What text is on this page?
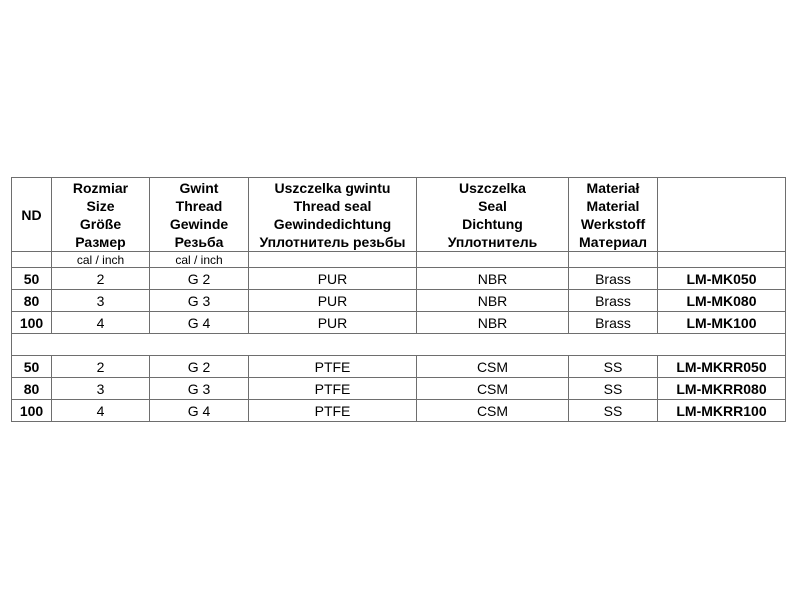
ND	Rozmiar
Size
Größe
Размер	Gwint
Thread
Gewinde
Резьба	Uszczelka gwintu
Thread seal
Gewindedichtung
Уплотнитель резьбы	Uszczelka
Seal
Dichtung
Уплотнитель	Materiał
Material
Werkstoff
Материал	

	cal / inch	cal / inch				
50	2	G 2	PUR	NBR	Brass	LM-MK050
80	3	G 3	PUR	NBR	Brass	LM-MK080
100	4	G 4	PUR	NBR	Brass	LM-MK100

50	2	G 2	PTFE	CSM	SS	LM-MKRR050
80	3	G 3	PTFE	CSM	SS	LM-MKRR080
100	4	G 4	PTFE	CSM	SS	LM-MKRR100
